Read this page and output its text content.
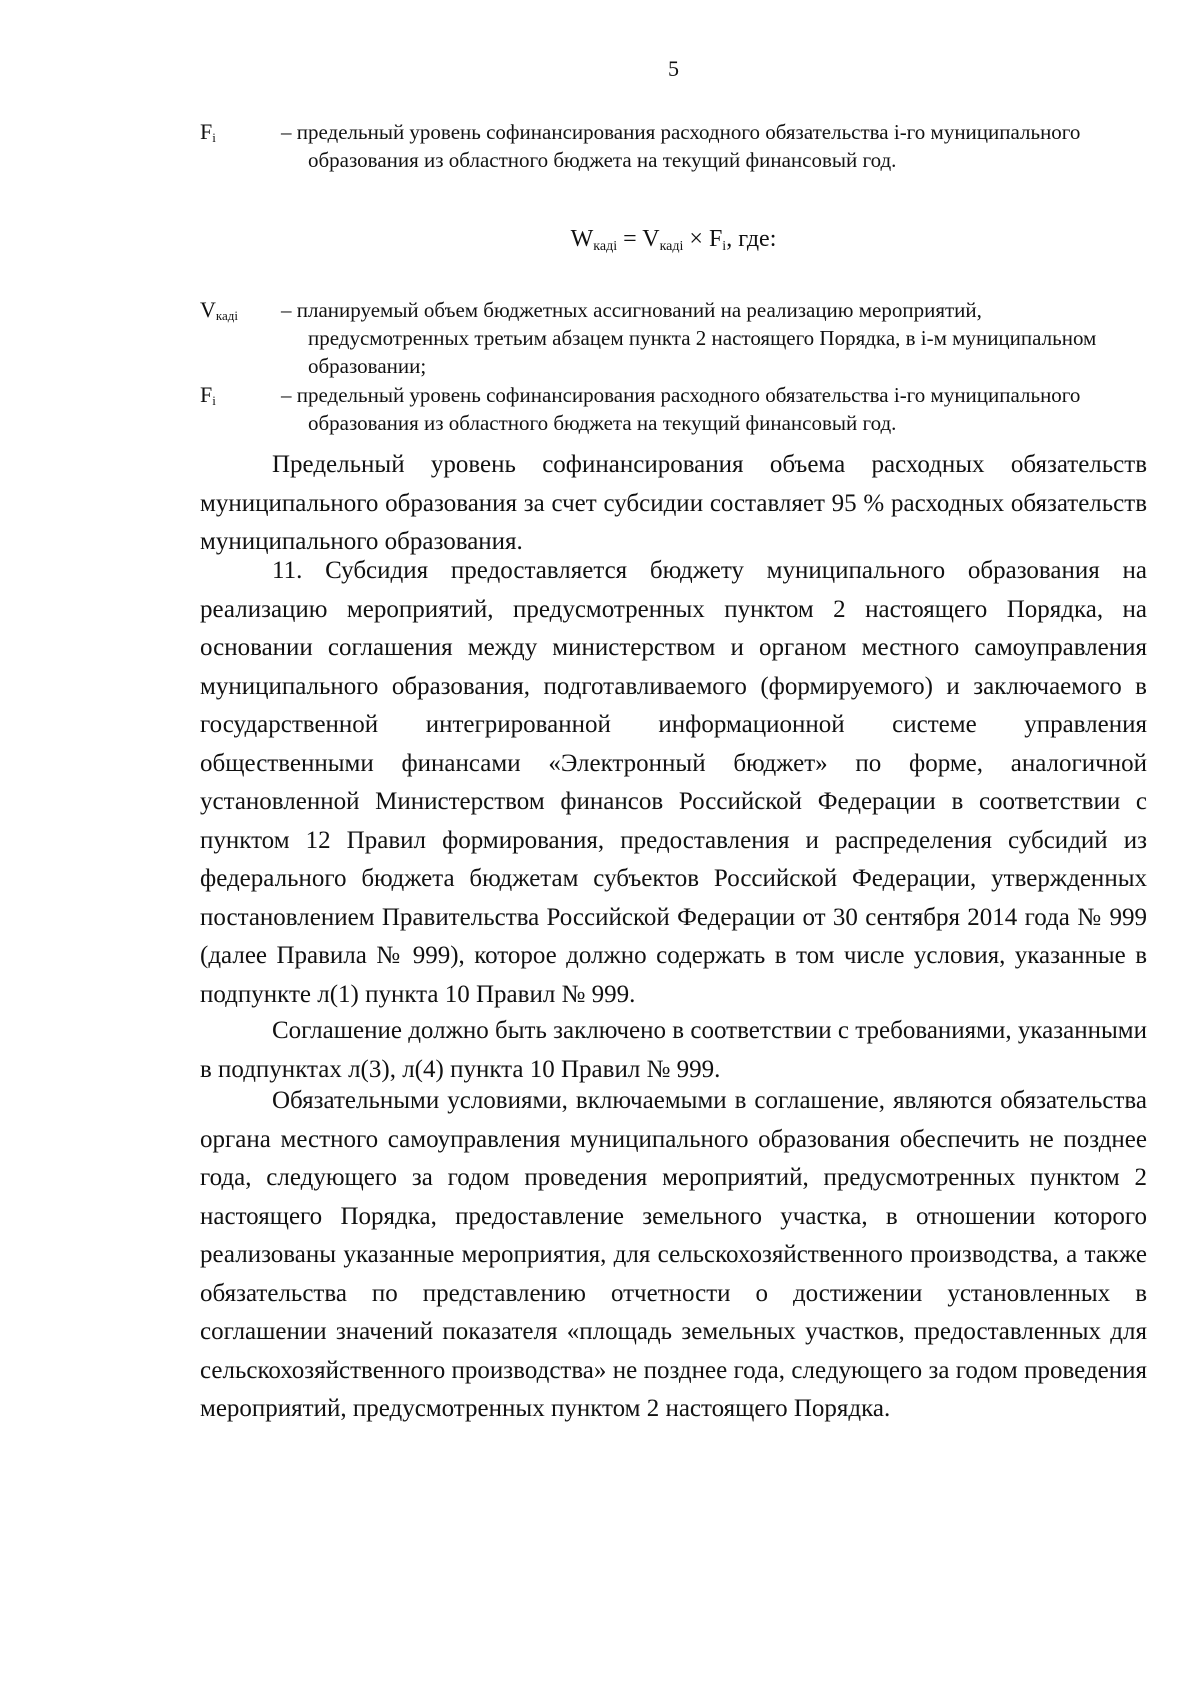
5
$F_i$	– предельный уровень софинансирования расходного обязательства i-го муниципального образования из областного бюджета на текущий финансовый год.
$W_{кадi} = V_{кадi} \times F_i$, где:
$V_{кадi}$ – планируемый объем бюджетных ассигнований на реализацию мероприятий, предусмотренных третьим абзацем пункта 2 настоящего Порядка, в i-м муниципальном образовании;
$F_i$	– предельный уровень софинансирования расходного обязательства i-го муниципального образования из областного бюджета на текущий финансовый год.

Предельный уровень софинансирования объема расходных обязательств муниципального образования за счет субсидии составляет 95 % расходных обязательств муниципального образования.

11. Субсидия предоставляется бюджету муниципального образования на реализацию мероприятий, предусмотренных пунктом 2 настоящего Порядка, на основании соглашения между министерством и органом местного самоуправления муниципального образования, подготавливаемого (формируемого) и заключаемого в государственной интегрированной информационной системе управления общественными финансами «Электронный бюджет» по форме, аналогичной установленной Министерством финансов Российской Федерации в соответствии с пунктом 12 Правил формирования, предоставления и распределения субсидий из федерального бюджета бюджетам субъектов Российской Федерации, утвержденных постановлением Правительства Российской Федерации от 30 сентября 2014 года № 999 (далее Правила № 999), которое должно содержать в том числе условия, указанные в подпункте л(1) пункта 10 Правил № 999.

Соглашение должно быть заключено в соответствии с требованиями, указанными в подпунктах л(3), л(4) пункта 10 Правил № 999.

Обязательными условиями, включаемыми в соглашение, являются обязательства органа местного самоуправления муниципального образования обеспечить не позднее года, следующего за годом проведения мероприятий, предусмотренных пунктом 2 настоящего Порядка, предоставление земельного участка, в отношении которого реализованы указанные мероприятия, для сельскохозяйственного производства, а также обязательства по представлению отчетности о достижении установленных в соглашении значений показателя «площадь земельных участков, предоставленных для сельскохозяйственного производства» не позднее года, следующего за годом проведения мероприятий, предусмотренных пунктом 2 настоящего Порядка.
